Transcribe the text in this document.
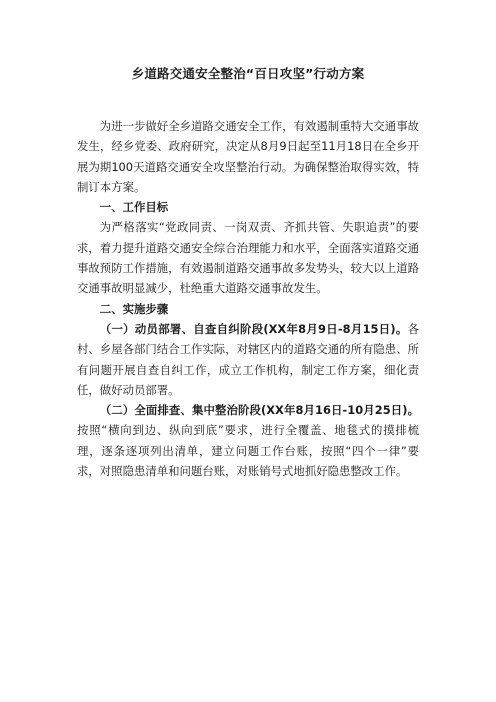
乡道路交通安全整治“百日攻坚”行动方案

为进一步做好全乡道路交通安全工作，有效遏制重特大交通事故发生，经乡党委、政府研究，决定从8月9日起至11月18日在全乡开展为期100天道路交通安全攻坚整治行动。为确保整治取得实效，特制订本方案。

一、工作目标

为严格落实“党政同责、一岗双责、齐抓共管、失职追责”的要求，着力提升道路交通安全综合治理能力和水平，全面落实道路交通事故预防工作措施，有效遏制道路交通事故多发势头，较大以上道路交通事故明显减少，杜绝重大道路交通事故发生。

二、实施步骤

（一）动员部署、自查自纠阶段(XX年8月9日-8月15日)。各村、乡屋各部门结合工作实际，对辖区内的道路交通的所有隐患、所有问题开展自查自纠工作，成立工作机构，制定工作方案，细化责任，做好动员部署。

（二）全面排查、集中整治阶段(XX年8月16日-10月25日)。按照“横向到边、纵向到底”要求，进行全覆盖、地毯式的摸排梳理，逐条逐项列出清单，建立问题工作台账，按照“四个一律”要求，对照隐患清单和问题台账，对账销号式地抓好隐患整改工作。
